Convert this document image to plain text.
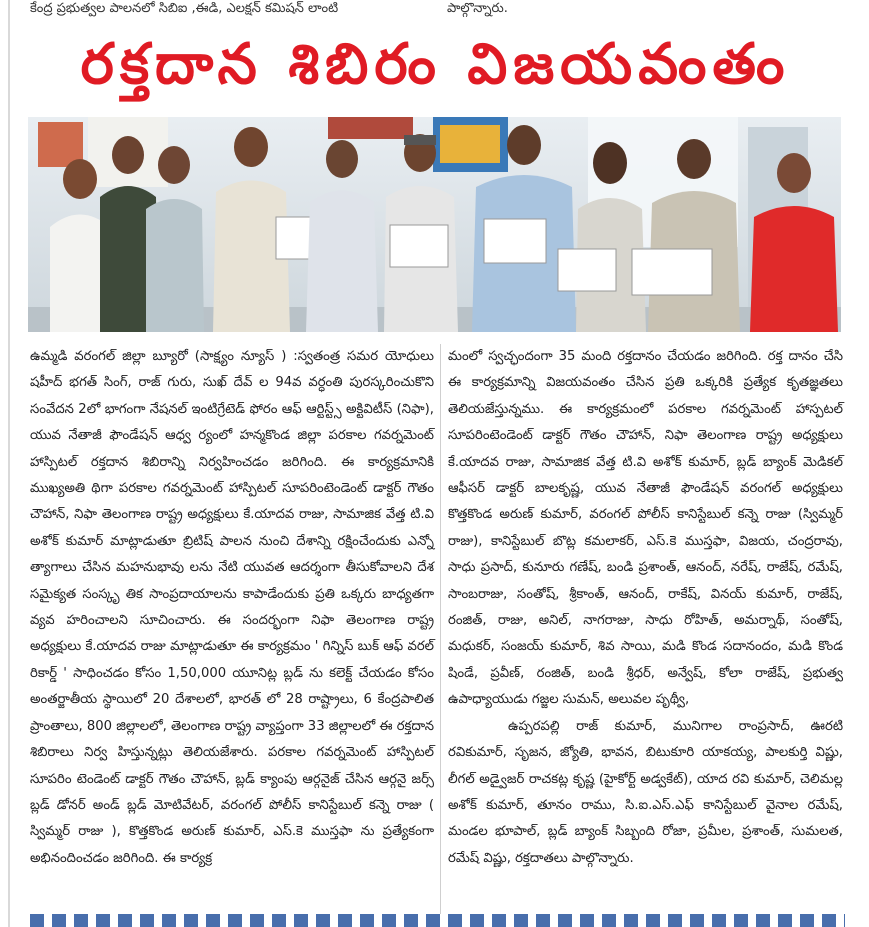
కేంద్ర ప్రభుత్వల పాలనలో సిబిఐ ,ఈడి, ఎలక్షన్ కమిషన్ లాంటి	పాల్గొన్నారు.
రక్తదాన శిబిరం విజయవంతం

ఉమ్మడి వరంగల్ జిల్లా బ్యూరో (సాక్ష్యం న్యూస్ ) :స్వతంత్ర సమర యోధులు షహీద్ భగత్ సింగ్, రాజ్ గురు, సుఖ్ దేవ్ ల 94వ వర్ధంతి పురస్కరించుకొని సంవేదన 2లో భాగంగా నేషనల్ ఇంటిగ్రేటెడ్ ఫోరం ఆఫ్ ఆర్టిస్ట్స్ అక్టివిటీస్ (నిఫా), యువ నేతాజీ ఫౌండేషన్ ఆధ్వ ర్యంలో హన్మకొండ జిల్లా పరకాల గవర్నమెంట్ హాస్పిటల్ రక్తదాన శిబిరాన్ని నిర్వహించడం జరిగింది. ఈ కార్యక్రమానికి ముఖ్యఅతి థిగా పరకాల గవర్నమెంట్ హాస్పిటల్ సూపరింటెండెంట్ డాక్టర్ గౌతం చౌహాన్, నిఫా తెలంగాణ రాష్ట్ర అధ్యక్షులు కే.యాదవ రాజు, సామాజిక వేత్త టి.వి అశోక్ కుమార్ మాట్లాడుతూ బ్రిటిష్ పాలన నుంచి దేశాన్ని రక్షించేందుకు ఎన్నో త్యాగాలు చేసిన మహనుభావు లను నేటి యువత ఆదర్శంగా తీసుకోవాలని దేశ సమైక్యత సంస్కృ తిక సాంప్రదాయాలను కాపాడేందుకు ప్రతి ఒక్కరు బాధ్యతగా వ్యవ హరించాలని సూచించారు. ఈ సందర్భంగా నిఫా తెలంగాణ రాష్ట్ర అధ్యక్షులు కే.యాదవ రాజు మాట్లాడుతూ ఈ కార్యక్రమం ' గిన్నిస్ బుక్ ఆఫ్ వరల్ రికార్డ్ ' సాధించడం కోసం 1,50,000 యూనిట్ల బ్లడ్ ను కలెక్ట్ చేయడం కోసం అంతర్జాతీయ స్థాయిలో 20 దేశాలలో, భారత్ లో 28 రాష్ట్రాలు, 6 కేంద్రపాలిత ప్రాంతాలు, 800 జిల్లాలలో, తెలంగాణ రాష్ట్ర వ్యాప్తంగా 33 జిల్లాలలో ఈ రక్తదాన శిబిరాలు నిర్వ హిస్తున్నట్లు తెలియజేశారు. పరకాల గవర్నమెంట్ హాస్పిటల్ సూపరిం టెండెంట్ డాక్టర్ గౌతం చౌహాన్, బ్లడ్ క్యాంపు ఆర్గనైజ్ చేసిన ఆర్గనై జర్స్ బ్లడ్ డోనర్ అండ్ బ్లడ్ మోటివేటర్, వరంగల్ పోలీస్ కానిస్టేబుల్ కన్నె రాజు ( స్విమ్మర్ రాజు ), కొత్తకొండ అరుణ్ కుమార్, ఎస్.కె ముస్తఫా ను ప్రత్యేకంగా అభినందించడం జరిగింది. ఈ కార్యక్ర

మంలో స్వచ్ఛందంగా 35 మంది రక్తదానం చేయడం జరిగింది. రక్త దానం చేసి ఈ కార్యక్రమాన్ని విజయవంతం చేసిన ప్రతి ఒక్కరికి ప్రత్యేక కృతజ్ఞతలు తెలియజేస్తున్నము. ఈ కార్యక్రమంలో పరకాల గవర్నమెంట్ హాస్పటల్ సూపరింటెండెంట్ డాక్టర్ గౌతం చౌహాన్, నిఫా తెలంగాణ రాష్ట్ర అధ్యక్షులు కే.యాదవ రాజు, సామాజిక వేత్త టి.వి అశోక్ కుమార్, బ్లడ్ బ్యాంక్ మెడికల్ ఆఫీసర్ డాక్టర్ బాలకృష్ణ, యువ నేతాజీ ఫౌండేషన్ వరంగల్ అధ్యక్షులు కొత్తకొండ అరుణ్ కుమార్, వరంగల్ పోలీస్ కానిస్టేబుల్ కన్నె రాజు (స్విమ్మర్ రాజు), కానిస్టేబుల్ బొట్ల కమలాకర్, ఎస్.కె ముస్తఫా, విజయ, చంద్రరావు, సాధు ప్రసాద్, కునూరు గణేష్, బండి ప్రశాంత్, ఆనంద్, నరేష్, రాజేష్, రమేష్, సాంబరాజు, సంతోష్, శ్రీకాంత్, ఆనంద్, రాకేష్, వినయ్ కుమార్, రాజేష్, రంజిత్, రాజు, అనిల్, నాగరాజు, సాధు రోహిత్, అమర్నాథ్, సంతోష్, మధుకర్, సంజయ్ కుమార్, శివ సాయి, మడి కొండ సదానందం, మడి కొండ షిండే, ప్రవీణ్, రంజిత్, బండి శ్రీధర్, అన్వేష్, కోలా రాజేష్, ప్రభుత్వ ఉపాధ్యాయుడు గజ్జల సుమన్, అలువల పృథ్వీ,

ఉప్పరపల్లి రాజ్ కుమార్, మునిగాల రాంప్రసాద్, ఊరటి రవికుమార్, సృజన, జ్యోతి, భావన, బిటుకూరి యాకయ్య, పాలకుర్తి విష్ణు, లీగల్ అడ్వైజర్ రాచకట్ల కృష్ణ (హైకోర్ట్ అడ్వకేట్), యాద రవి కుమార్, చెలిమల్ల అశోక్ కుమార్, తూనం రాము, సి.ఐ.ఎస్.ఎఫ్ కానిస్టేబుల్ వైనాల రమేష్, మండల భూపాల్, బ్లడ్ బ్యాంక్ సిబ్బంది రోజా, ప్రమీల, ప్రశాంత్, సుమలత, రమేష్ విష్ణు, రక్తదాతలు పాల్గొన్నారు.
